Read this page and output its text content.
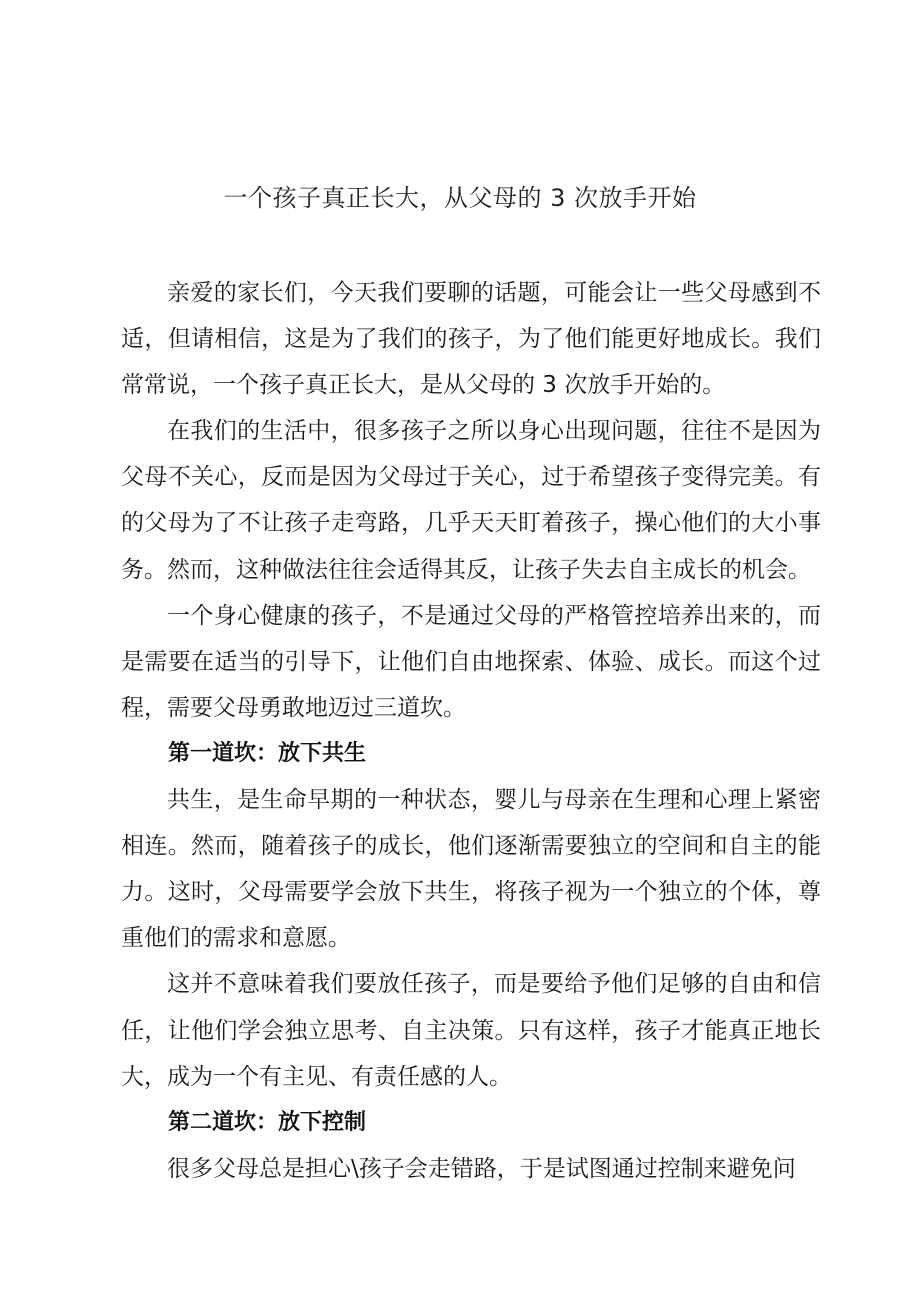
一个孩子真正长大，从父母的 3 次放手开始

亲爱的家长们，今天我们要聊的话题，可能会让一些父母感到不适，但请相信，这是为了我们的孩子，为了他们能更好地成长。我们常常说，一个孩子真正长大，是从父母的 3 次放手开始的。

在我们的生活中，很多孩子之所以身心出现问题，往往不是因为父母不关心，反而是因为父母过于关心，过于希望孩子变得完美。有的父母为了不让孩子走弯路，几乎天天盯着孩子，操心他们的大小事务。然而，这种做法往往会适得其反，让孩子失去自主成长的机会。

一个身心健康的孩子，不是通过父母的严格管控培养出来的，而是需要在适当的引导下，让他们自由地探索、体验、成长。而这个过程，需要父母勇敢地迈过三道坎。

第一道坎：放下共生

共生，是生命早期的一种状态，婴儿与母亲在生理和心理上紧密相连。然而，随着孩子的成长，他们逐渐需要独立的空间和自主的能力。这时，父母需要学会放下共生，将孩子视为一个独立的个体，尊重他们的需求和意愿。

这并不意味着我们要放任孩子，而是要给予他们足够的自由和信任，让他们学会独立思考、自主决策。只有这样，孩子才能真正地长大，成为一个有主见、有责任感的人。

第二道坎：放下控制

很多父母总是担心\孩子会走错路，于是试图通过控制来避免问
